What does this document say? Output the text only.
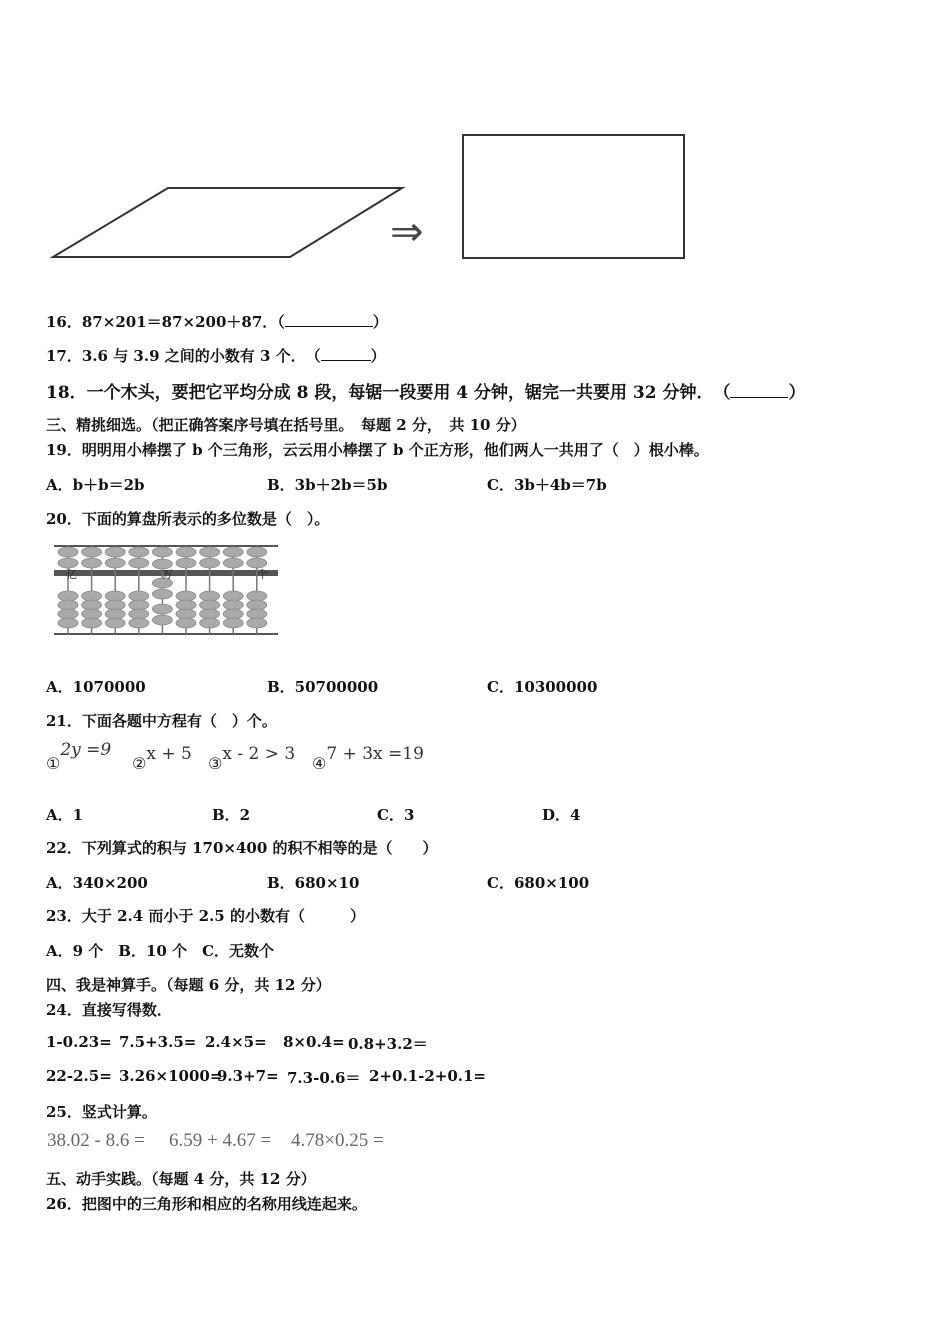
⇒
16．87×201＝87×200＋87．（	）
17．3.6 与 3.9 之间的小数有 3 个．　（	）
18．一个木头，要把它平均分成 8 段，每锯一段要用 4 分钟，锯完一共要用 32 分钟．　（	）
三、精挑细选。（把正确答案序号填在括号里。　每题 2 分，　共 10 分）
19．明明用小棒摆了 b 个三角形，云云用小棒摆了 b 个正方形，他们两人一共用了（　）根小棒。
A．b＋b＝2b	B．3b＋2b＝5b	C．3b＋4b＝7b
20．下面的算盘所表示的多位数是（　）。
亿	万	个
A．1070000	B．50700000	C．10300000
21．下面各题中方程有（　）个。
①2y =9
②x + 5 ③x - 2 > 3 ④7 + 3x =19
A．1	B．2	C．3	D．4
22．下列算式的积与 170×400 的积不相等的是（　　）
A．340×200	B．680×10	C．680×100
23．大于 2.4 而小于 2.5 的小数有（　　　）
A．9 个　B．10 个　C．无数个
四、我是神算手。（每题 6 分，共 12 分）
24．直接写得数．
1-0.23= 7.5+3.5= 2.4×5= 8×0.4= 0.8+3.2＝
22-2.5= 3.26×1000=
9.3+7= 7.3-0.6＝ 2+0.1-2+0.1=
25．竖式计算。
38.02 - 8.6 = 6.59 + 4.67 = 4.78×0.25 =
五、动手实践。（每题 4 分，共 12 分）
26．把图中的三角形和相应的名称用线连起来。
